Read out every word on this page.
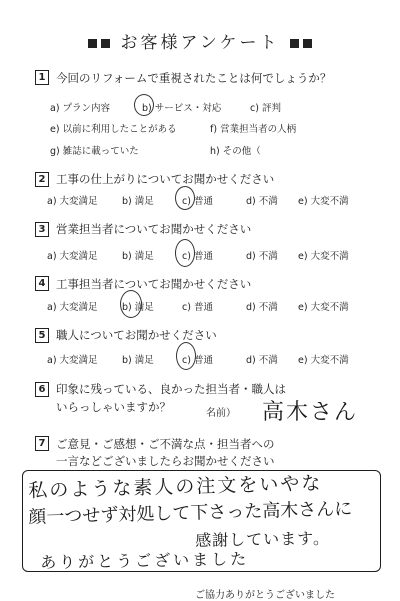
お客様アンケート
1 今回のリフォームで重視されたことは何でしょうか？
a) プラン内容	b) サービス・対応	c) 評判
e) 以前に利用したことがある	f) 営業担当者の人柄
g) 雑誌に載っていた	h) その他（
2 工事の仕上がりについてお聞かせください
a) 大変満足	b) 満足	c) 普通	d) 不満 e) 大変不満
3 営業担当者についてお聞かせください
a) 大変満足	b) 満足	c) 普通	d) 不満 e) 大変不満
4 工事担当者についてお聞かせください
a) 大変満足	b) 満足	c) 普通	d) 不満 e) 大変不満
5 職人についてお聞かせください
a) 大変満足	b) 満足	c) 普通	d) 不満 e) 大変不満
6 印象に残っている、良かった担当者・職人は
いらっしゃいますか？	名前） 高木さん
7 ご意見・ご感想・ご不満な点・担当者への
一言などございましたらお聞かせください
私のような素人の注文をいやな
顔一つせず対処して下さった高木さんに
感謝しています。
ありがとうございました
ご協力ありがとうございました
